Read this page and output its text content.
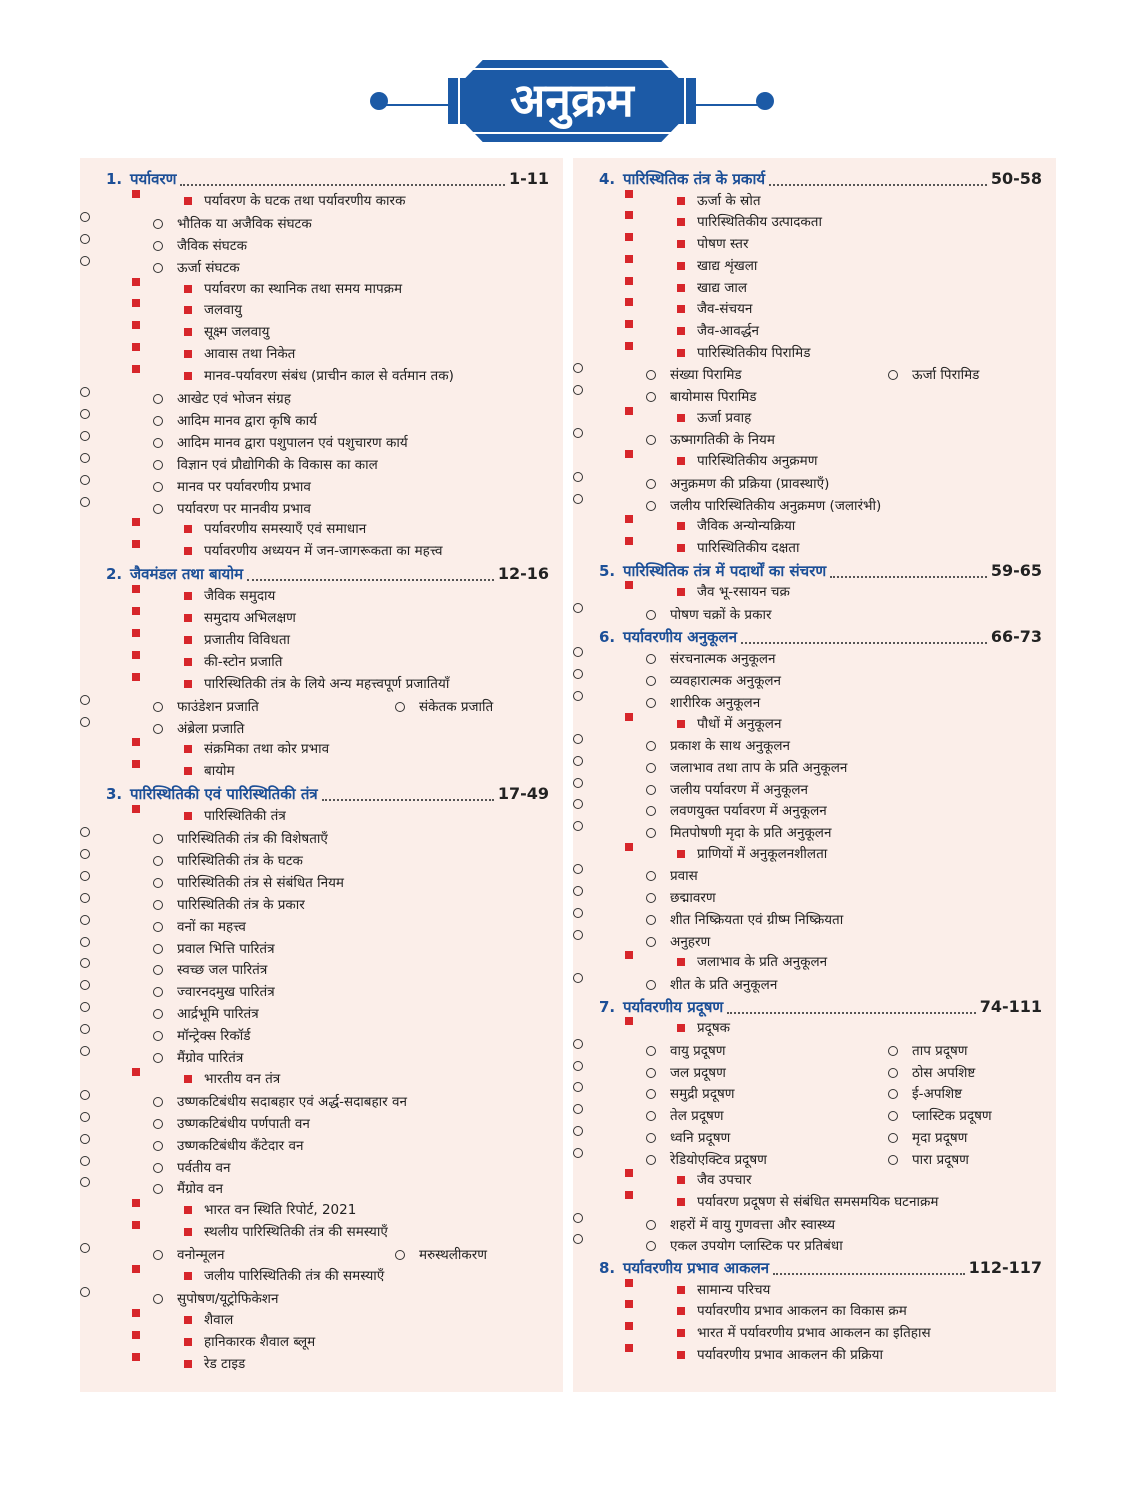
अनुक्रम
1. पर्यावरण	1-11
पर्यावरण के घटक तथा पर्यावरणीय कारक
भौतिक या अजैविक संघटक
जैविक संघटक
ऊर्जा संघटक
पर्यावरण का स्थानिक तथा समय मापक्रम
जलवायु
सूक्ष्म जलवायु
आवास तथा निकेत
मानव-पर्यावरण संबंध (प्राचीन काल से वर्तमान तक)
आखेट एवं भोजन संग्रह
आदिम मानव द्वारा कृषि कार्य
आदिम मानव द्वारा पशुपालन एवं पशुचारण कार्य
विज्ञान एवं प्रौद्योगिकी के विकास का काल
मानव पर पर्यावरणीय प्रभाव
पर्यावरण पर मानवीय प्रभाव
पर्यावरणीय समस्याएँ एवं समाधान
पर्यावरणीय अध्ययन में जन-जागरूकता का महत्त्व
2. जैवमंडल तथा बायोम	12-16
जैविक समुदाय
समुदाय अभिलक्षण
प्रजातीय विविधता
की-स्टोन प्रजाति
पारिस्थितिकी तंत्र के लिये अन्य महत्त्वपूर्ण प्रजातियाँ
फाउंडेशन प्रजाति	संकेतक प्रजाति
अंब्रेला प्रजाति
संक्रमिका तथा कोर प्रभाव
बायोम
3. पारिस्थितिकी एवं पारिस्थितिकी तंत्र	17-49
पारिस्थितिकी तंत्र
पारिस्थितिकी तंत्र की विशेषताएँ
पारिस्थितिकी तंत्र के घटक
पारिस्थितिकी तंत्र से संबंधित नियम
पारिस्थितिकी तंत्र के प्रकार
वनों का महत्त्व
प्रवाल भित्ति पारितंत्र
स्वच्छ जल पारितंत्र
ज्वारनदमुख पारितंत्र
आर्द्रभूमि पारितंत्र
मॉन्ट्रेक्स रिकॉर्ड
मैंग्रोव पारितंत्र
भारतीय वन तंत्र
उष्णकटिबंधीय सदाबहार एवं अर्द्ध-सदाबहार वन
उष्णकटिबंधीय पर्णपाती वन
उष्णकटिबंधीय कँटेदार वन
पर्वतीय वन
मैंग्रोव वन
भारत वन स्थिति रिपोर्ट, 2021
स्थलीय पारिस्थितिकी तंत्र की समस्याएँ
वनोन्मूलन	मरुस्थलीकरण
जलीय पारिस्थितिकी तंत्र की समस्याएँ
सुपोषण/यूट्रोफिकेशन
शैवाल
हानिकारक शैवाल ब्लूम
रेड टाइड
4. पारिस्थितिक तंत्र के प्रकार्य	50-58
ऊर्जा के स्रोत
पारिस्थितिकीय उत्पादकता
पोषण स्तर
खाद्य शृंखला
खाद्य जाल
जैव-संचयन
जैव-आवर्द्धन
पारिस्थितिकीय पिरामिड
संख्या पिरामिड	ऊर्जा पिरामिड
बायोमास पिरामिड
ऊर्जा प्रवाह
ऊष्मागतिकी के नियम
पारिस्थितिकीय अनुक्रमण
अनुक्रमण की प्रक्रिया (प्रावस्थाएँ)
जलीय पारिस्थितिकीय अनुक्रमण (जलारंभी)
जैविक अन्योन्यक्रिया
पारिस्थितिकीय दक्षता
5. पारिस्थितिक तंत्र में पदार्थों का संचरण	59-65
जैव भू-रसायन चक्र
पोषण चक्रों के प्रकार
6. पर्यावरणीय अनुकूलन	66-73
संरचनात्मक अनुकूलन
व्यवहारात्मक अनुकूलन
शारीरिक अनुकूलन
पौधों में अनुकूलन
प्रकाश के साथ अनुकूलन
जलाभाव तथा ताप के प्रति अनुकूलन
जलीय पर्यावरण में अनुकूलन
लवणयुक्त पर्यावरण में अनुकूलन
मितपोषणी मृदा के प्रति अनुकूलन
प्राणियों में अनुकूलनशीलता
प्रवास
छद्मावरण
शीत निष्क्रियता एवं ग्रीष्म निष्क्रियता
अनुहरण
जलाभाव के प्रति अनुकूलन
शीत के प्रति अनुकूलन
7. पर्यावरणीय प्रदूषण	74-111
प्रदूषक
वायु प्रदूषण	ताप प्रदूषण
जल प्रदूषण	ठोस अपशिष्ट
समुद्री प्रदूषण	ई-अपशिष्ट
तेल प्रदूषण	प्लास्टिक प्रदूषण
ध्वनि प्रदूषण	मृदा प्रदूषण
रेडियोएक्टिव प्रदूषण	पारा प्रदूषण
जैव उपचार
पर्यावरण प्रदूषण से संबंधित समसमयिक घटनाक्रम
शहरों में वायु गुणवत्ता और स्वास्थ्य
एकल उपयोग प्लास्टिक पर प्रतिबंधा
8. पर्यावरणीय प्रभाव आकलन	112-117
सामान्य परिचय
पर्यावरणीय प्रभाव आकलन का विकास क्रम
भारत में पर्यावरणीय प्रभाव आकलन का इतिहास
पर्यावरणीय प्रभाव आकलन की प्रक्रिया
